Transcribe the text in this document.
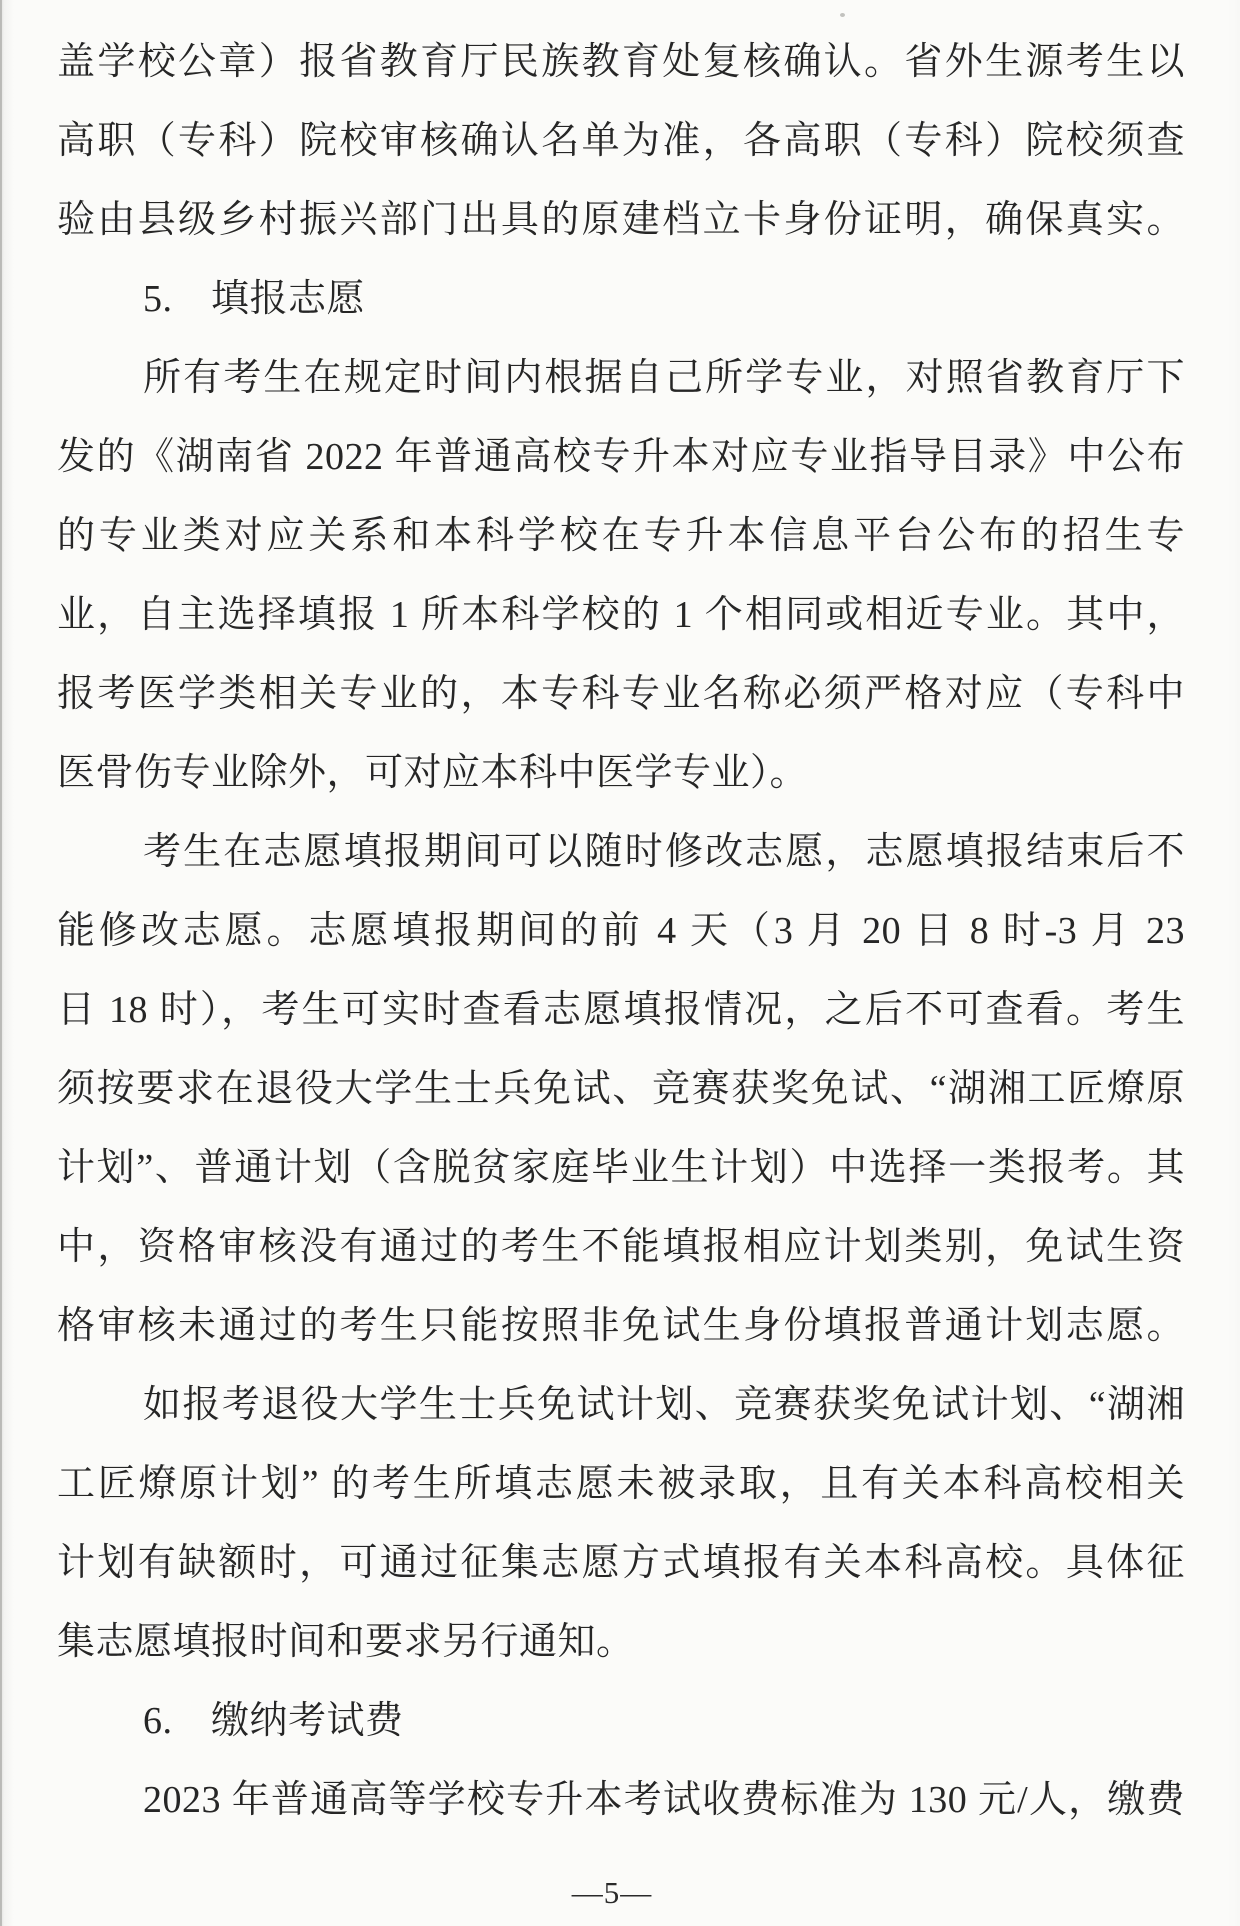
盖学校公章）报省教育厅民族教育处复核确认。省外生源考生以
高职（专科）院校审核确认名单为准，各高职（专科）院校须查
验由县级乡村振兴部门出具的原建档立卡身份证明，确保真实。
5.　填报志愿
所有考生在规定时间内根据自己所学专业，对照省教育厅下
发的《湖南省 2022 年普通高校专升本对应专业指导目录》中公布
的专业类对应关系和本科学校在专升本信息平台公布的招生专
业，自主选择填报 1 所本科学校的 1 个相同或相近专业。其中，
报考医学类相关专业的，本专科专业名称必须严格对应（专科中
医骨伤专业除外，可对应本科中医学专业）。
考生在志愿填报期间可以随时修改志愿，志愿填报结束后不
能修改志愿。志愿填报期间的前 4 天（3 月 20 日 8 时-3 月 23
日 18 时），考生可实时查看志愿填报情况，之后不可查看。考生
须按要求在退役大学生士兵免试、竞赛获奖免试、“湖湘工匠燎原
计划”、普通计划（含脱贫家庭毕业生计划）中选择一类报考。其
中，资格审核没有通过的考生不能填报相应计划类别，免试生资
格审核未通过的考生只能按照非免试生身份填报普通计划志愿。
如报考退役大学生士兵免试计划、竞赛获奖免试计划、“湖湘
工匠燎原计划” 的考生所填志愿未被录取，且有关本科高校相关
计划有缺额时，可通过征集志愿方式填报有关本科高校。具体征
集志愿填报时间和要求另行通知。
6.　缴纳考试费
2023 年普通高等学校专升本考试收费标准为 130 元/人，缴费
—5—
